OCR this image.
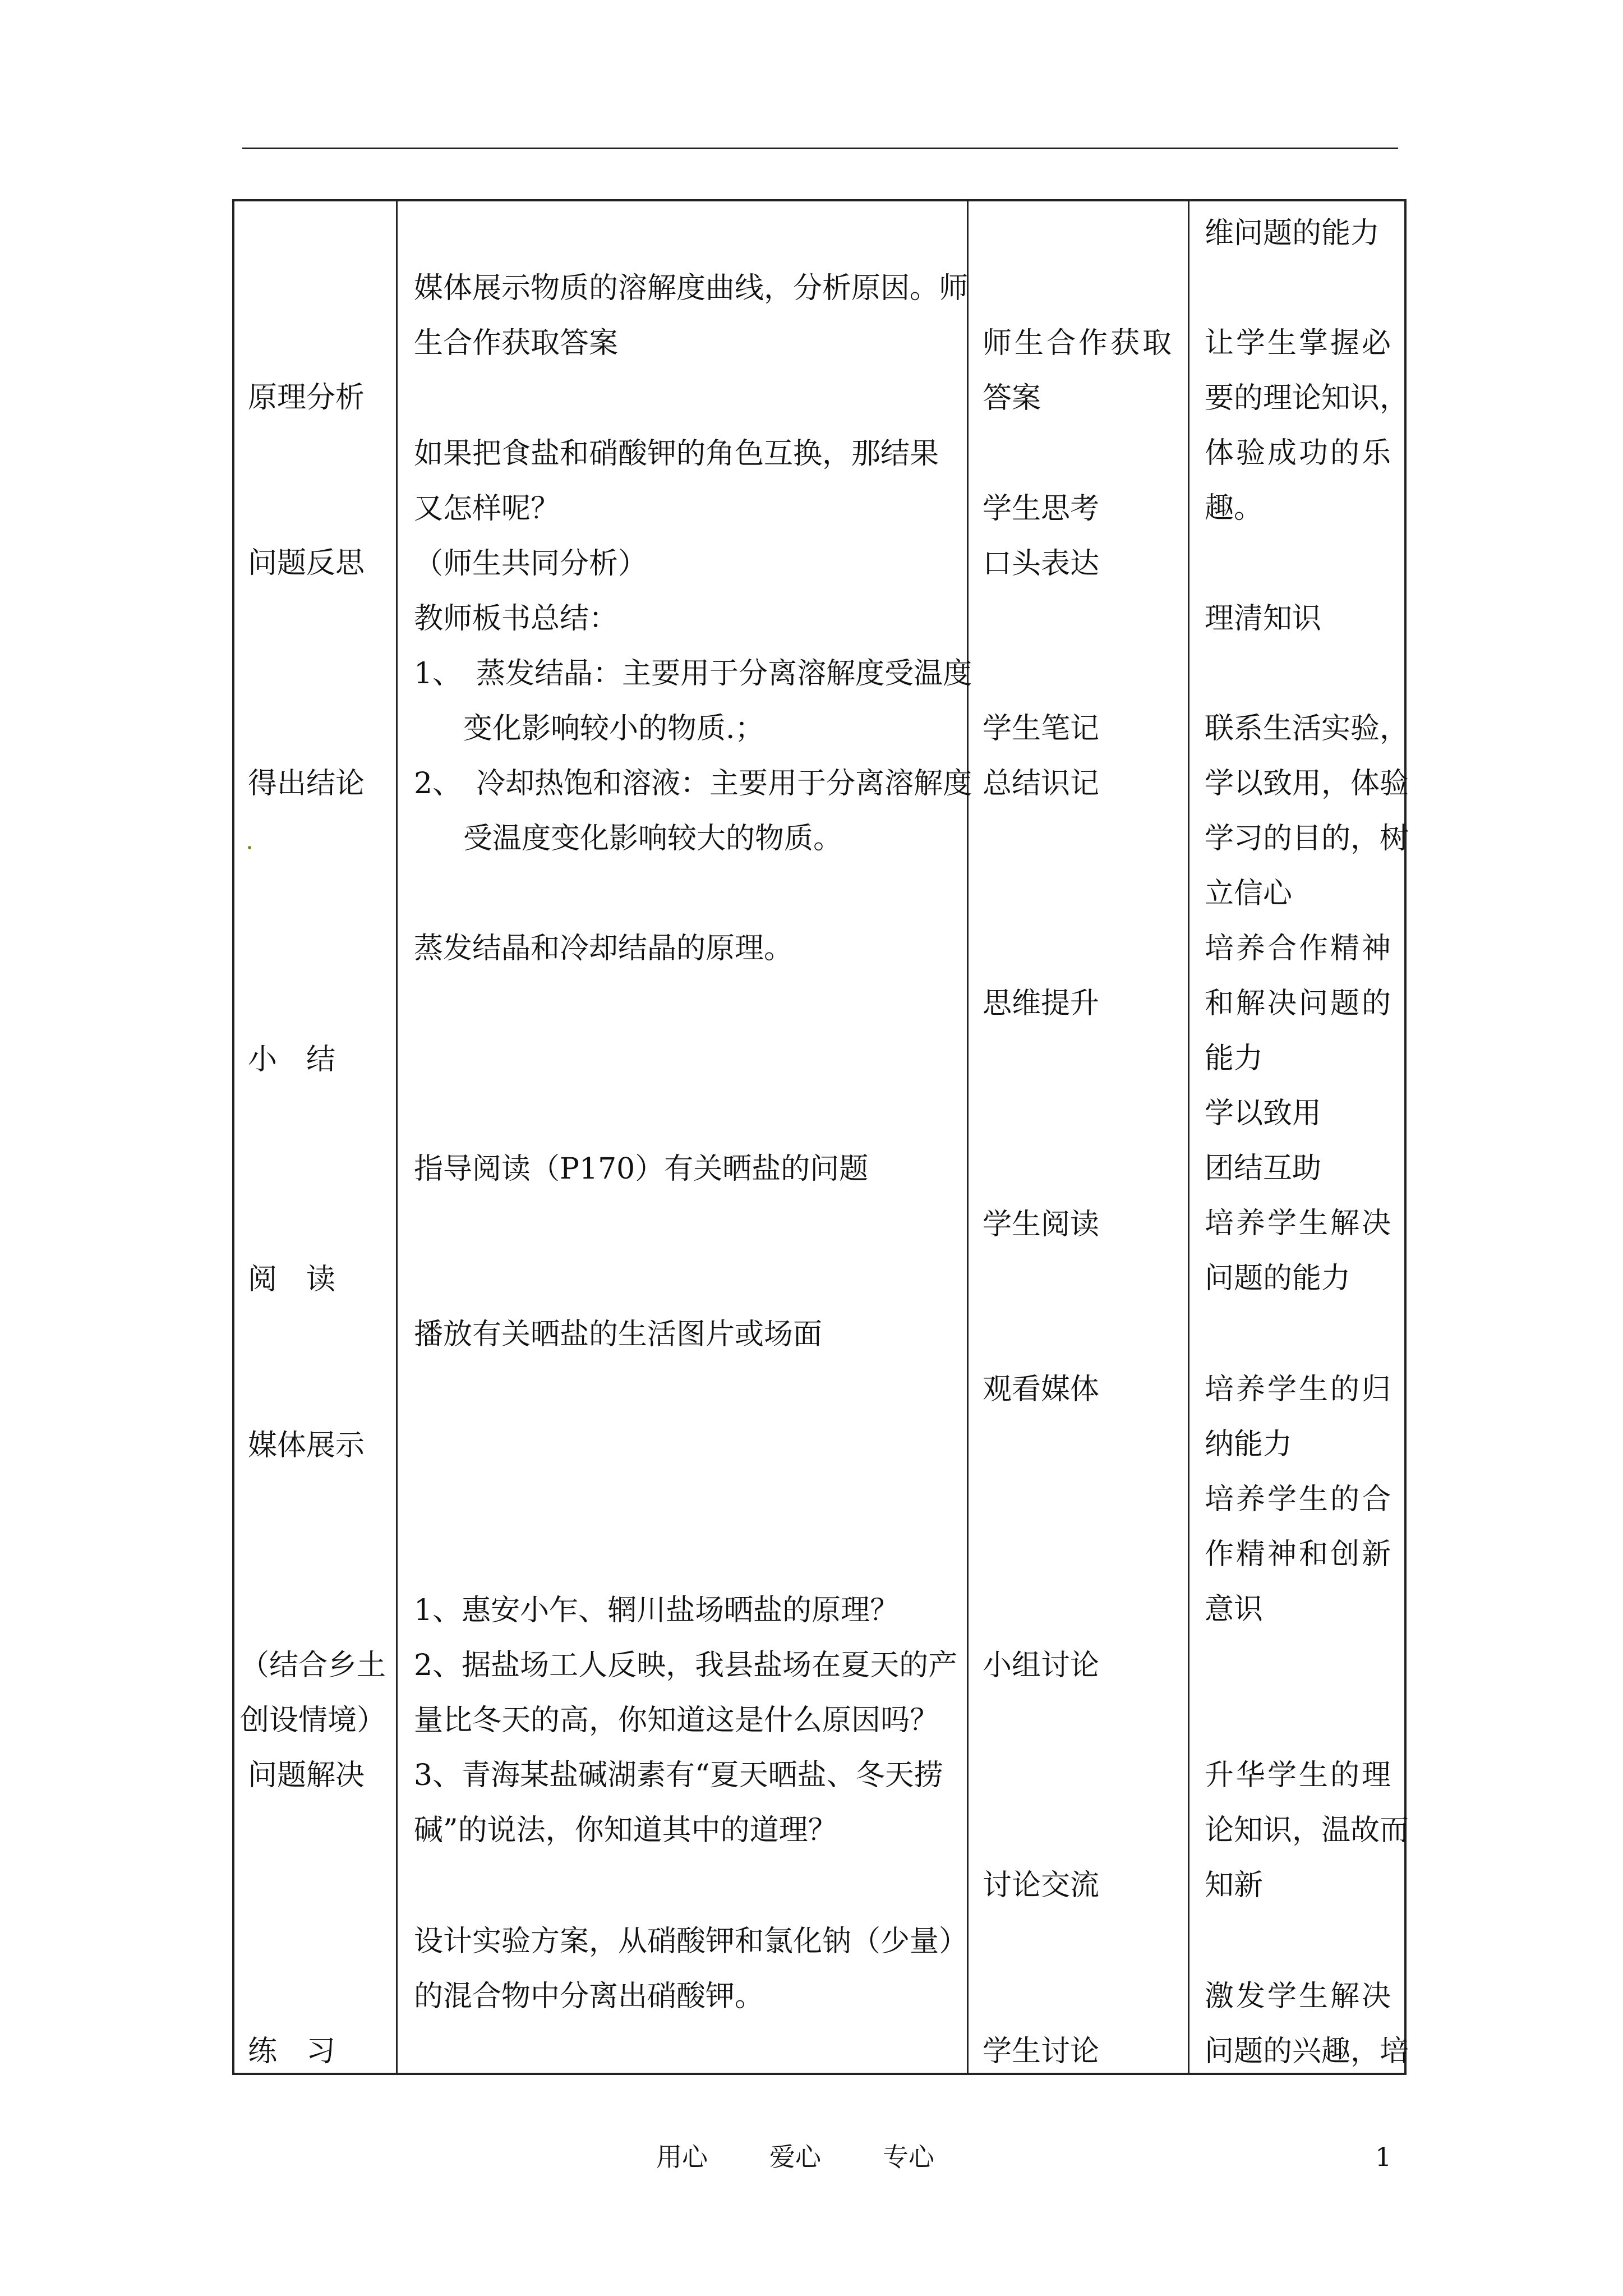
原理分析
问题反思
得出结论
小　结
阅　读
媒体展示
（结合乡土
创设情境）
问题解决
练　习
媒体展示物质的溶解度曲线，分析原因。师
生合作获取答案
如果把食盐和硝酸钾的角色互换，那结果
又怎样呢？
（师生共同分析）
教师板书总结：
1、　蒸发结晶：主要用于分离溶解度受温度
变化影响较小的物质.；
2、　冷却热饱和溶液：主要用于分离溶解度
受温度变化影响较大的物质。
蒸发结晶和冷却结晶的原理。
指导阅读（P170）有关晒盐的问题
播放有关晒盐的生活图片或场面
1、惠安小乍、辋川盐场晒盐的原理？
2、据盐场工人反映，我县盐场在夏天的产
量比冬天的高，你知道这是什么原因吗？
3、青海某盐碱湖素有“夏天晒盐、冬天捞
碱”的说法，你知道其中的道理？
设计实验方案，从硝酸钾和氯化钠（少量）
的混合物中分离出硝酸钾。
师生合作获取
答案
学生思考
口头表达
学生笔记
总结识记
思维提升
学生阅读
观看媒体
小组讨论
讨论交流
学生讨论
维问题的能力
让学生掌握必
要的理论知识，
体验成功的乐
趣。
理清知识
联系生活实验，
学以致用，体验
学习的目的，树
立信心
培养合作精神
和解决问题的
能力
学以致用
团结互助
培养学生解决
问题的能力
培养学生的归
纳能力
培养学生的合
作精神和创新
意识
升华学生的理
论知识，温故而
知新
激发学生解决
问题的兴趣，培
用心 爱心 专心	1
